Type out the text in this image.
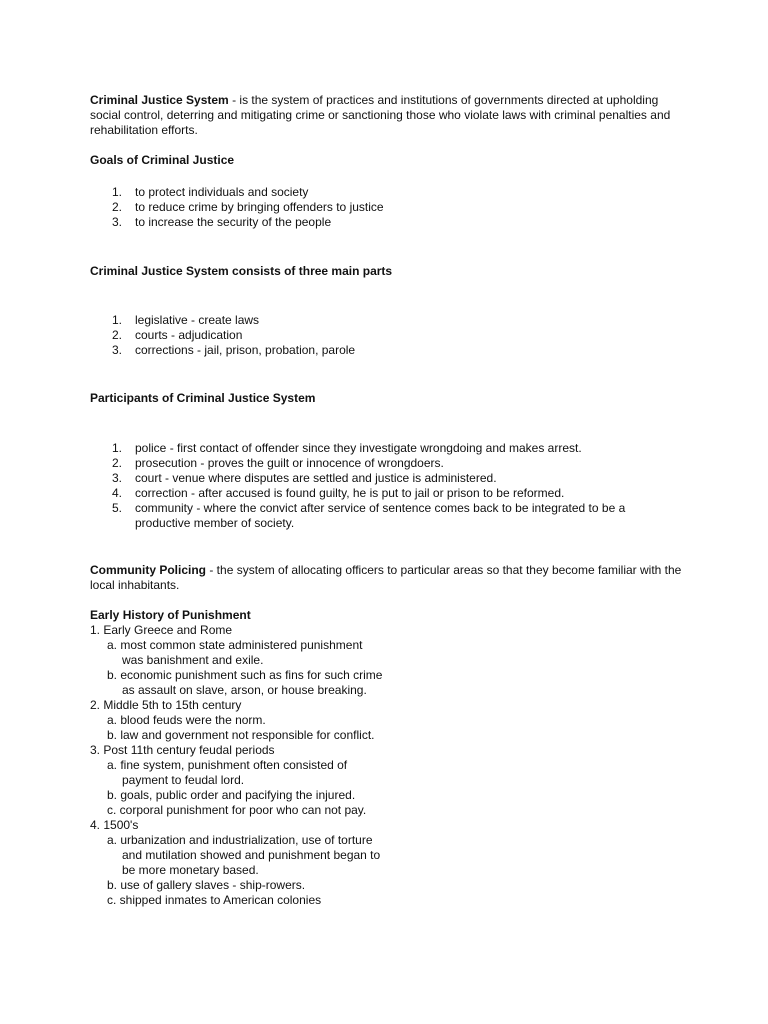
Criminal Justice System - is the system of practices and institutions of governments directed at upholding social control, deterring and mitigating crime or sanctioning those who violate laws with criminal penalties and rehabilitation efforts.

Goals of Criminal Justice

1.	to protect individuals and society
2.	to reduce crime by bringing offenders to justice
3.	to increase the security of the people

Criminal Justice System consists of three main parts

1.	legislative - create laws
2.	courts - adjudication
3.	corrections - jail, prison, probation, parole

Participants of Criminal Justice System

1.	police - first contact of offender since they investigate wrongdoing and makes arrest.
2.	prosecution - proves the guilt or innocence of wrongdoers.
3.	court - venue where disputes are settled and justice is administered.
4.	correction - after accused is found guilty, he is put to jail or prison to be reformed.
5.	community - where the convict after service of sentence comes back to be integrated to be a productive member of society.

Community Policing - the system of allocating officers to particular areas so that they become familiar with the local inhabitants.

Early History of Punishment

1. Early Greece and Rome
a. most common state administered punishment
was banishment and exile.
b. economic punishment such as fins for such crime
as assault on slave, arson, or house breaking.
2. Middle 5th to 15th century
a. blood feuds were the norm.
b. law and government not responsible for conflict.
3. Post 11th century feudal periods
a. fine system, punishment often consisted of
payment to feudal lord.
b. goals, public order and pacifying the injured.
c. corporal punishment for poor who can not pay.
4. 1500's
a. urbanization and industrialization, use of torture
and mutilation showed and punishment began to
be more monetary based.
b. use of gallery slaves - ship-rowers.
c. shipped inmates to American colonies
